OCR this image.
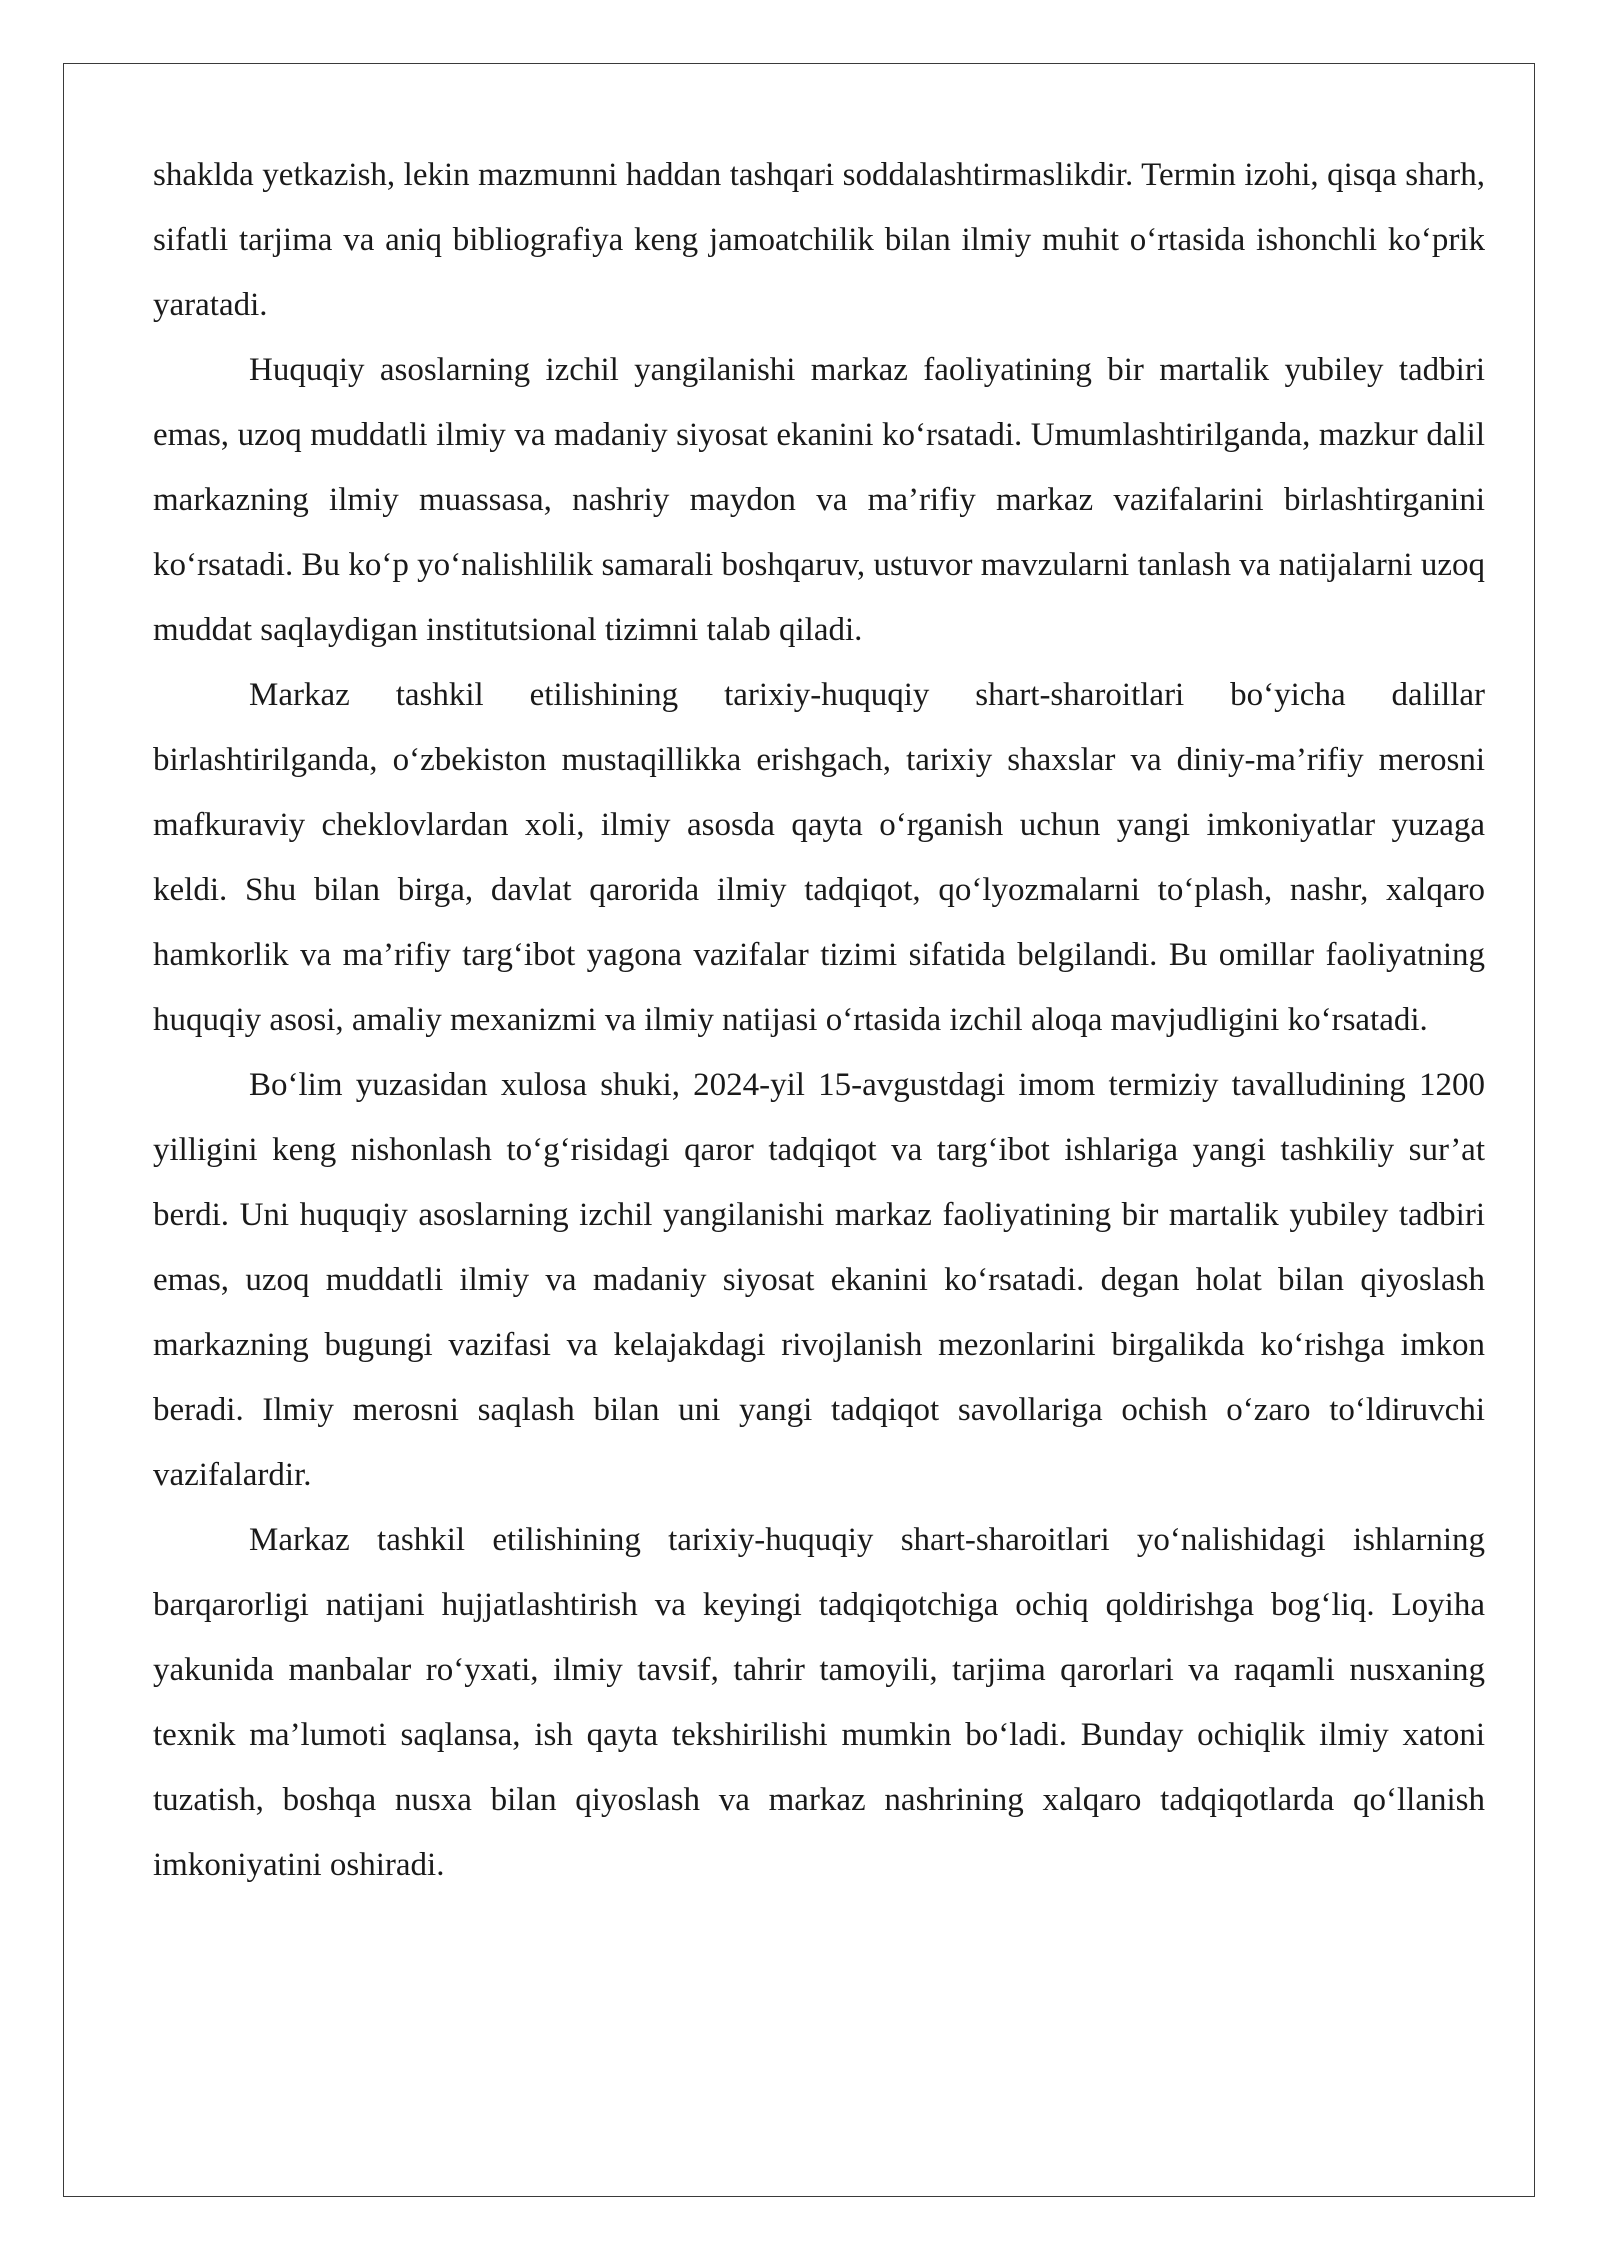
shaklda yetkazish, lekin mazmunni haddan tashqari soddalashtirmaslikdir. Termin izohi, qisqa sharh, sifatli tarjima va aniq bibliografiya keng jamoatchilik bilan ilmiy muhit o‘rtasida ishonchli ko‘prik yaratadi.

Huquqiy asoslarning izchil yangilanishi markaz faoliyatining bir martalik yubiley tadbiri emas, uzoq muddatli ilmiy va madaniy siyosat ekanini ko‘rsatadi. Umumlashtirilganda, mazkur dalil markazning ilmiy muassasa, nashriy maydon va ma’rifiy markaz vazifalarini birlashtirganini ko‘rsatadi. Bu ko‘p yo‘nalishlilik samarali boshqaruv, ustuvor mavzularni tanlash va natijalarni uzoq muddat saqlaydigan institutsional tizimni talab qiladi.

Markaz tashkil etilishining tarixiy-huquqiy shart-sharoitlari bo‘yicha dalillar birlashtirilganda, o‘zbekiston mustaqillikka erishgach, tarixiy shaxslar va diniy-ma’rifiy merosni mafkuraviy cheklovlardan xoli, ilmiy asosda qayta o‘rganish uchun yangi imkoniyatlar yuzaga keldi. Shu bilan birga, davlat qarorida ilmiy tadqiqot, qo‘lyozmalarni to‘plash, nashr, xalqaro hamkorlik va ma’rifiy targ‘ibot yagona vazifalar tizimi sifatida belgilandi. Bu omillar faoliyatning huquqiy asosi, amaliy mexanizmi va ilmiy natijasi o‘rtasida izchil aloqa mavjudligini ko‘rsatadi.

Bo‘lim yuzasidan xulosa shuki, 2024-yil 15-avgustdagi imom termiziy tavalludining 1200 yilligini keng nishonlash to‘g‘risidagi qaror tadqiqot va targ‘ibot ishlariga yangi tashkiliy sur’at berdi. Uni huquqiy asoslarning izchil yangilanishi markaz faoliyatining bir martalik yubiley tadbiri emas, uzoq muddatli ilmiy va madaniy siyosat ekanini ko‘rsatadi. degan holat bilan qiyoslash markazning bugungi vazifasi va kelajakdagi rivojlanish mezonlarini birgalikda ko‘rishga imkon beradi. Ilmiy merosni saqlash bilan uni yangi tadqiqot savollariga ochish o‘zaro to‘ldiruvchi vazifalardir.

Markaz tashkil etilishining tarixiy-huquqiy shart-sharoitlari yo‘nalishidagi ishlarning barqarorligi natijani hujjatlashtirish va keyingi tadqiqotchiga ochiq qoldirishga bog‘liq. Loyiha yakunida manbalar ro‘yxati, ilmiy tavsif, tahrir tamoyili, tarjima qarorlari va raqamli nusxaning texnik ma’lumoti saqlansa, ish qayta tekshirilishi mumkin bo‘ladi. Bunday ochiqlik ilmiy xatoni tuzatish, boshqa nusxa bilan qiyoslash va markaz nashrining xalqaro tadqiqotlarda qo‘llanish imkoniyatini oshiradi.
